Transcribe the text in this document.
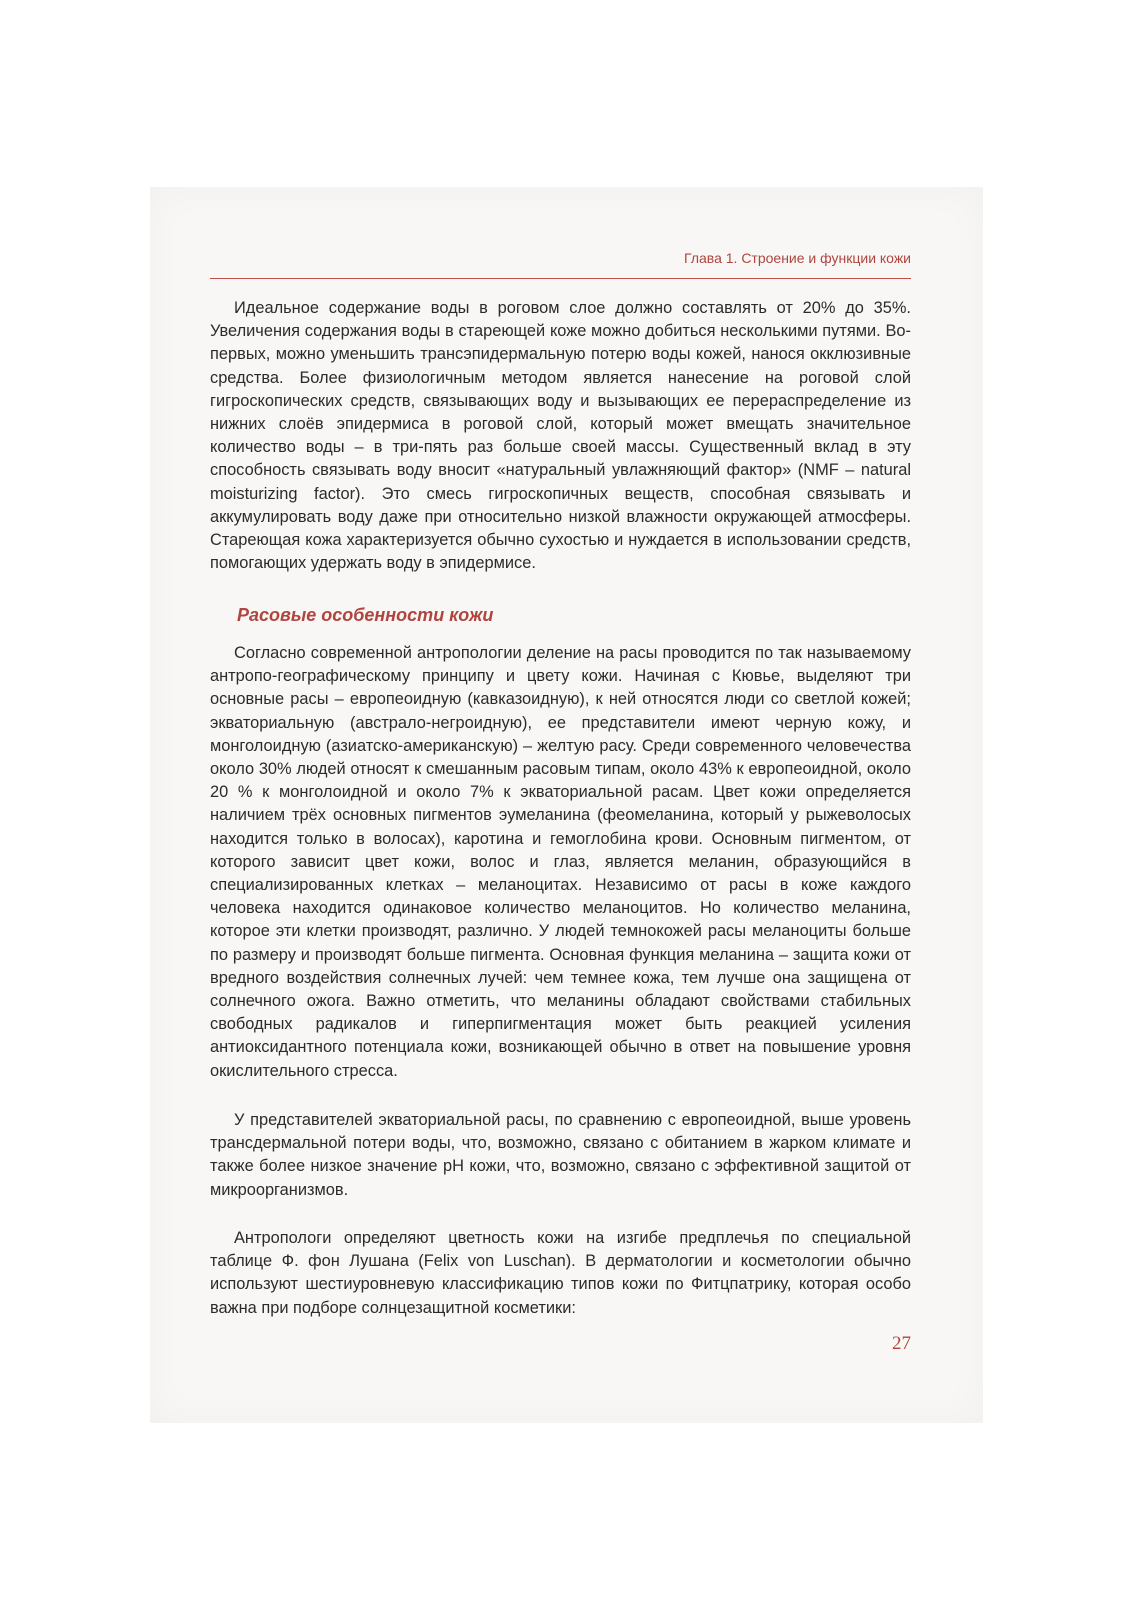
Глава 1. Строение и функции кожи

Идеальное содержание воды в роговом слое должно составлять от 20% до 35%. Увеличения содержания воды в стареющей коже можно добиться несколькими путями. Во-первых, можно уменьшить трансэпидермальную потерю воды кожей, нанося окклюзивные средства. Более физиологичным методом является нанесение на роговой слой гигроскопических средств, связывающих воду и вызывающих ее перераспределение из нижних слоёв эпидермиса в роговой слой, который может вмещать значительное количество воды – в три-пять раз больше своей массы. Существенный вклад в эту способность связывать воду вносит «натуральный увлажняющий фактор» (NMF – natural moisturizing factor). Это смесь гигроскопичных веществ, способная связывать и аккумулировать воду даже при относительно низкой влажности окружающей атмосферы. Стареющая кожа характеризуется обычно сухостью и нуждается в использовании средств, помогающих удержать воду в эпидермисе.

Расовые особенности кожи

Согласно современной антропологии деление на расы проводится по так называемому антропо-географическому принципу и цвету кожи. Начиная с Кювье, выделяют три основные расы – европеоидную (кавказоидную), к ней относятся люди со светлой кожей; экваториальную (австрало-негроидную), ее представители имеют черную кожу, и монголоидную (азиатско-американскую) – желтую расу. Среди современного человечества около 30% людей относят к смешанным расовым типам, около 43% к европеоидной, около 20 % к монголоидной и около 7% к экваториальной расам. Цвет кожи определяется наличием трёх основных пигментов эумеланина (феомеланина, который у рыжеволосых находится только в волосах), каротина и гемоглобина крови. Основным пигментом, от которого зависит цвет кожи, волос и глаз, является меланин, образующийся в специализированных клетках – меланоцитах. Независимо от расы в коже каждого человека находится одинаковое количество меланоцитов. Но количество меланина, которое эти клетки производят, различно. У людей темнокожей расы меланоциты больше по размеру и производят больше пигмента. Основная функция меланина – защита кожи от вредного воздействия солнечных лучей: чем темнее кожа, тем лучше она защищена от солнечного ожога. Важно отметить, что меланины обладают свойствами стабильных свободных радикалов и гиперпигментация может быть реакцией усиления антиоксидантного потенциала кожи, возникающей обычно в ответ на повышение уровня окислительного стресса.

У представителей экваториальной расы, по сравнению с европеоидной, выше уровень трансдермальной потери воды, что, возможно, связано с обитанием в жарком климате и также более низкое значение pH кожи, что, возможно, связано с эффективной защитой от микроорганизмов.

Антропологи определяют цветность кожи на изгибе предплечья по специальной таблице Ф. фон Лушана (Felix von Luschan). В дерматологии и косметологии обычно используют шестиуровневую классификацию типов кожи по Фитцпатрику, которая особо важна при подборе солнцезащитной косметики:

27
